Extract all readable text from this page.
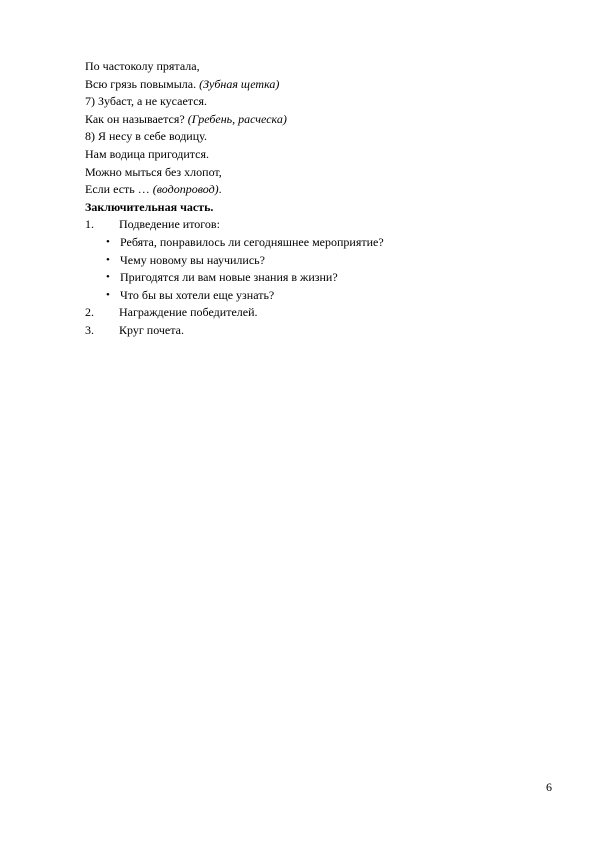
По частоколу прятала,
Всю грязь повымыла. (Зубная щетка)
7) Зубаст, а не кусается.
Как он называется? (Гребень, расческа)
8) Я несу в себе водицу.
Нам водица пригодится.
Можно мыться без хлопот,
Если есть … (водопровод).
Заключительная часть.
1.	Подведение итогов:
• Ребята, понравилось ли сегодняшнее мероприятие?
• Чему новому вы научились?
• Пригодятся ли вам новые знания в жизни?
• Что бы вы хотели еще узнать?
2.	Награждение победителей.
3.	Круг почета.
6
